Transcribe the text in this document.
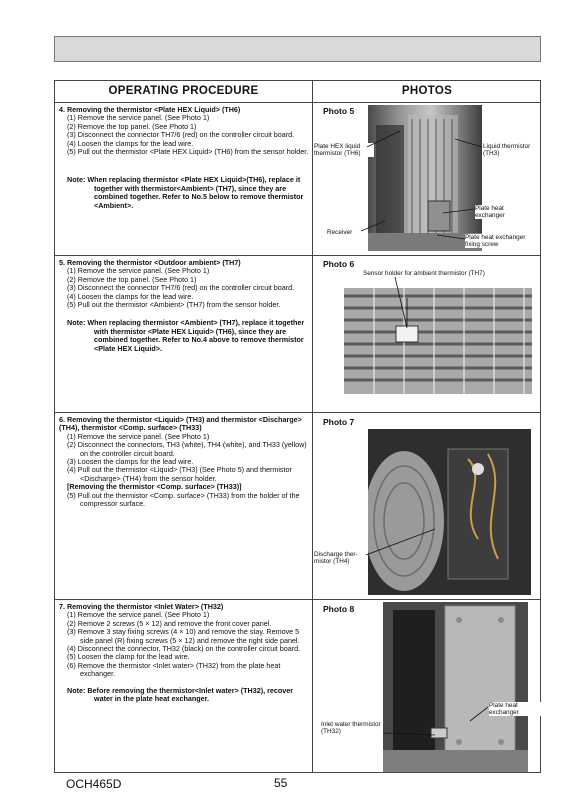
OPERATING PROCEDURE	PHOTOS

4. Removing the thermistor <Plate HEX Liquid> (TH6)

(1) Remove the service panel. (See Photo 1)

(2) Remove the top panel. (See Photo 1)

(3) Disconnect the connector TH7/6 (red) on the controller circuit board.

(4) Loosen the clamps for the lead wire.

(5) Pull out the thermistor <Plate HEX Liquid> (TH6) from the sensor holder.

Note: When replacing thermistor <Plate HEX Liquid>(TH6), replace it together with thermistor<Ambient> (TH7), since they are combined together. Refer to No.5 below to remove thermistor <Ambient>.

5. Removing the thermistor <Outdoor ambient> (TH7)

(1) Remove the service panel. (See Photo 1)

(2) Remove the top panel. (See Photo 1)

(3) Disconnect the connector TH7/6 (red) on the controller circuit board.

(4) Loosen the clamps for the lead wire.

(5) Pull out the thermistor <Ambient> (TH7) from the sensor holder.

Note: When replacing thermistor <Ambient> (TH7), replace it together with thermistor <Plate HEX Liquid> (TH6), since they are combined together. Refer to No.4 above to remove thermistor <Plate HEX Liquid>.

6. Removing the thermistor <Liquid> (TH3) and thermistor <Discharge> (TH4), thermistor <Comp. surface> (TH33)

(1) Remove the service panel. (See Photo 1)

(2) Disconnect the connectors, TH3 (white), TH4 (white), and TH33 (yellow) on the controller circuit board.

(3) Loosen the clamps for the lead wire.

(4) Pull out the thermistor <Liquid> (TH3) (See Photo 5) and thermistor <Discharge> (TH4) from the sensor holder.

[Removing the thermistor <Comp. surface> (TH33)]

(5) Pull out the thermistor <Comp. surface> (TH33) from the holder of the compressor surface.

7. Removing the thermistor <Inlet Water> (TH32)

(1) Remove the service panel. (See Photo 1)

(2) Remove 2 screws (5 × 12) and remove the front cover panel.

(3) Remove 3 stay fixing screws (4 × 10) and remove the stay. Remove 5 side panel (R) fixing screws (5 × 12) and remove the right side panel.

(4) Disconnect the connector, TH32 (black) on the controller circuit board.

(5) Loosen the clamp for the lead wire.

(6) Remove the thermistor <Inlet water> (TH32) from the plate heat exchanger.

Note: Before removing the thermistor<Inlet water> (TH32), recover water in the plate heat exchanger.

Photo 5
Plate HEX liquid thermistor (TH6)
Liquid thermistor (TH3)
Plate heat exchanger
Receiver
Plate heat exchanger fixing screw
Photo 6
Sensor holder for ambient thermistor (TH7)
Photo 7
Discharge ther-mistor (TH4)
Photo 8
Plate heat exchanger
Inlet water thermistor (TH32)
OCH465D	55
